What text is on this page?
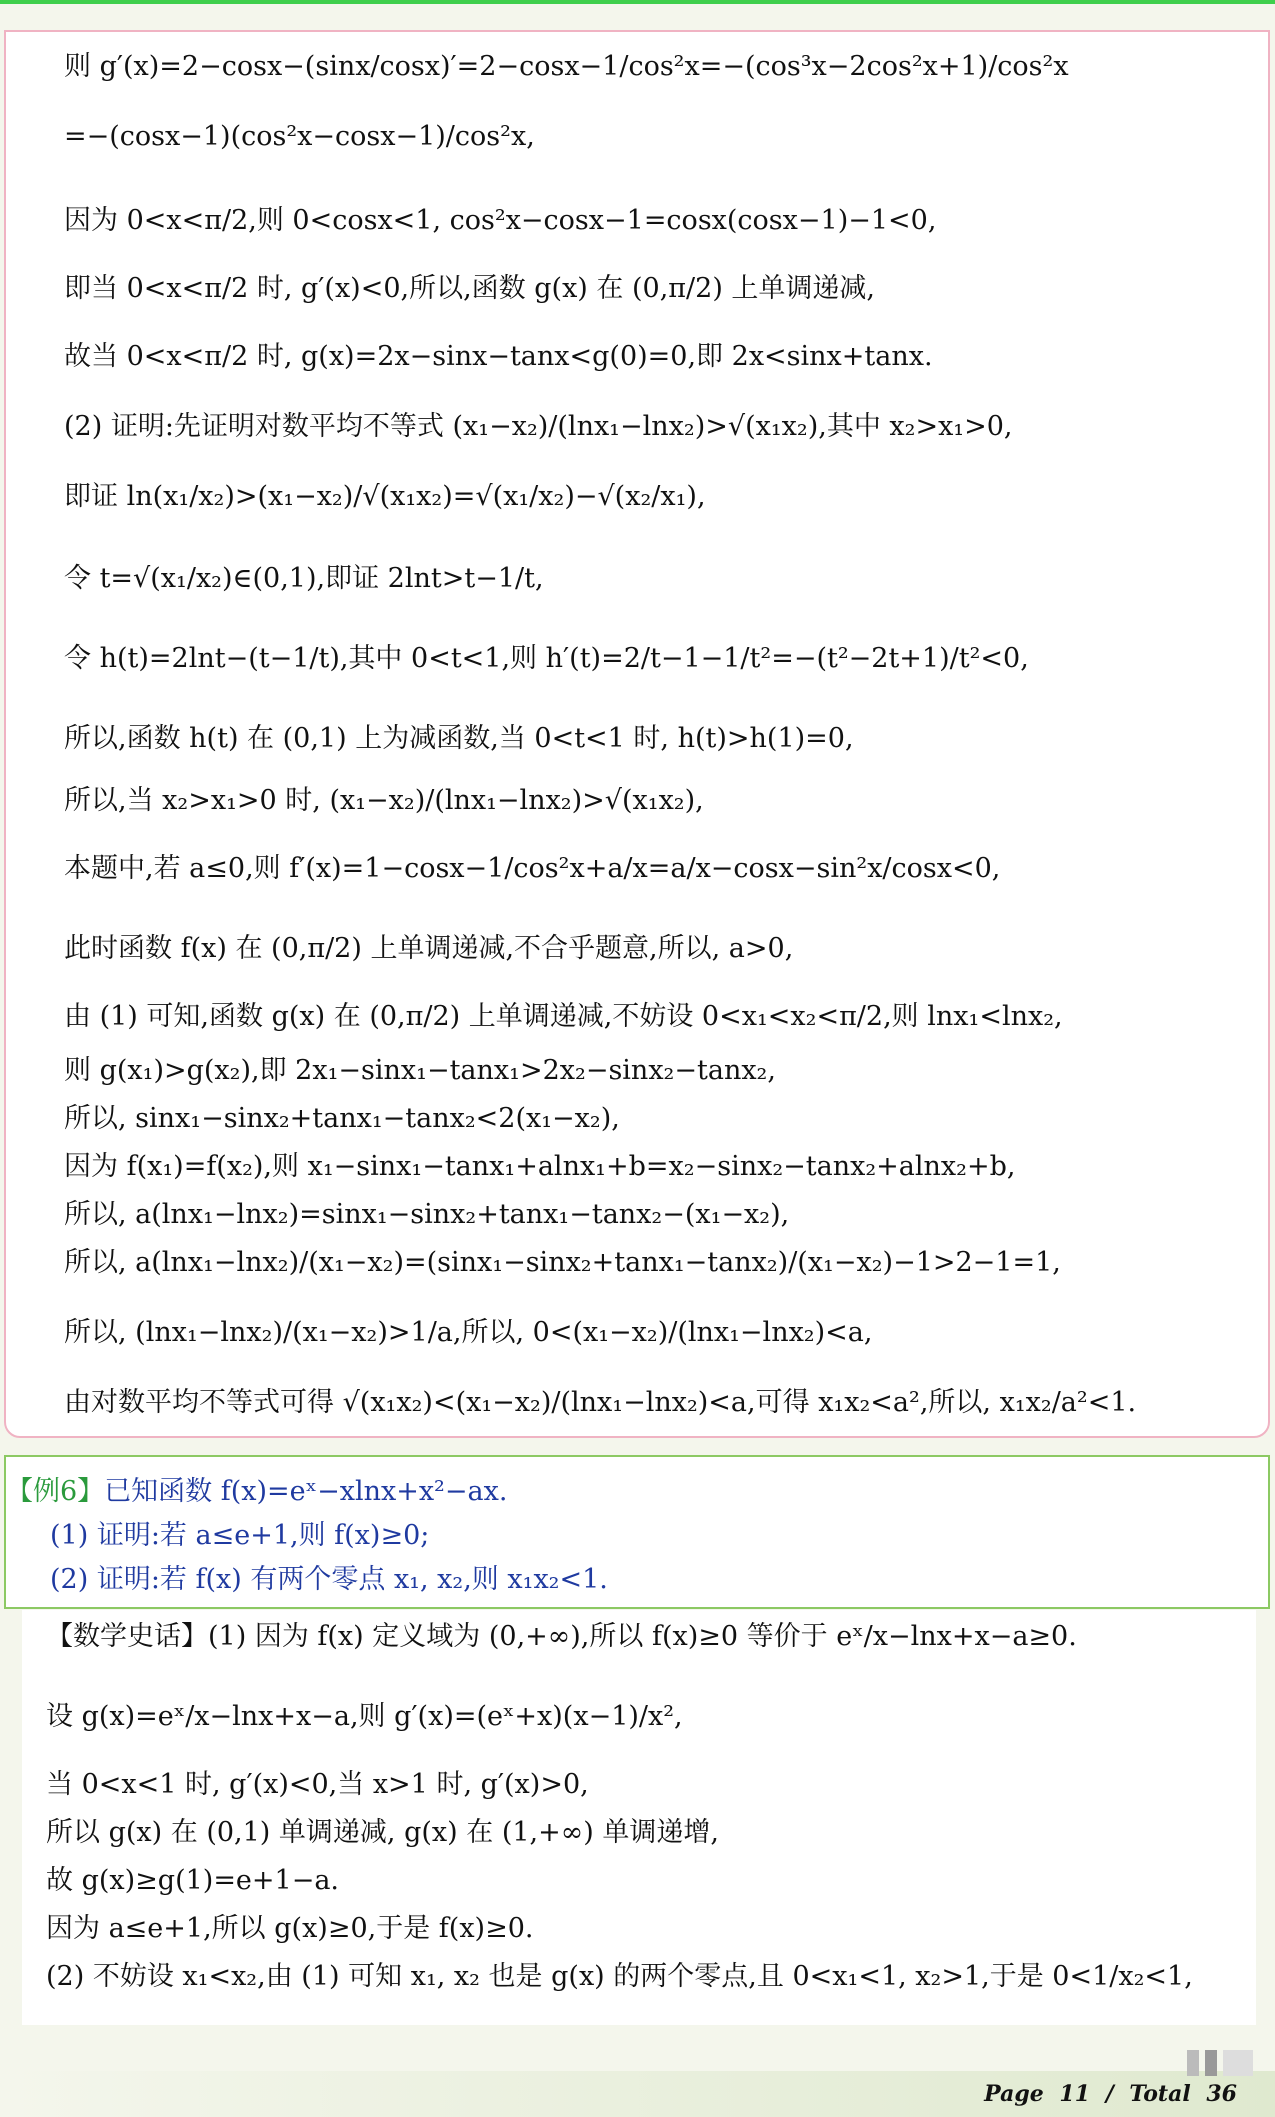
则 g′(x)=2−cosx−(sinx/cosx)′=2−cosx−1/cos²x=−(cos³x−2cos²x+1)/cos²x
=−(cosx−1)(cos²x−cosx−1)/cos²x,
因为 0<x<π/2,则 0<cosx<1, cos²x−cosx−1=cosx(cosx−1)−1<0,
即当 0<x<π/2 时, g′(x)<0,所以,函数 g(x) 在 (0,π/2) 上单调递减,
故当 0<x<π/2 时, g(x)=2x−sinx−tanx<g(0)=0,即 2x<sinx+tanx.
(2) 证明:先证明对数平均不等式 (x₁−x₂)/(lnx₁−lnx₂)>√(x₁x₂),其中 x₂>x₁>0,
即证 ln(x₁/x₂)>(x₁−x₂)/√(x₁x₂)=√(x₁/x₂)−√(x₂/x₁),
令 t=√(x₁/x₂)∈(0,1),即证 2lnt>t−1/t,
令 h(t)=2lnt−(t−1/t),其中 0<t<1,则 h′(t)=2/t−1−1/t²=−(t²−2t+1)/t²<0,
所以,函数 h(t) 在 (0,1) 上为减函数,当 0<t<1 时, h(t)>h(1)=0,
所以,当 x₂>x₁>0 时, (x₁−x₂)/(lnx₁−lnx₂)>√(x₁x₂),
本题中,若 a≤0,则 f′(x)=1−cosx−1/cos²x+a/x=a/x−cosx−sin²x/cosx<0,
此时函数 f(x) 在 (0,π/2) 上单调递减,不合乎题意,所以, a>0,
由 (1) 可知,函数 g(x) 在 (0,π/2) 上单调递减,不妨设 0<x₁<x₂<π/2,则 lnx₁<lnx₂,
则 g(x₁)>g(x₂),即 2x₁−sinx₁−tanx₁>2x₂−sinx₂−tanx₂,
所以, sinx₁−sinx₂+tanx₁−tanx₂<2(x₁−x₂),
因为 f(x₁)=f(x₂),则 x₁−sinx₁−tanx₁+alnx₁+b=x₂−sinx₂−tanx₂+alnx₂+b,
所以, a(lnx₁−lnx₂)=sinx₁−sinx₂+tanx₁−tanx₂−(x₁−x₂),
所以, a(lnx₁−lnx₂)/(x₁−x₂)=(sinx₁−sinx₂+tanx₁−tanx₂)/(x₁−x₂)−1>2−1=1,
所以, (lnx₁−lnx₂)/(x₁−x₂)>1/a,所以, 0<(x₁−x₂)/(lnx₁−lnx₂)<a,
由对数平均不等式可得 √(x₁x₂)<(x₁−x₂)/(lnx₁−lnx₂)<a,可得 x₁x₂<a²,所以, x₁x₂/a²<1.
【例6】已知函数 f(x)=eˣ−xlnx+x²−ax.
(1) 证明:若 a≤e+1,则 f(x)≥0;
(2) 证明:若 f(x) 有两个零点 x₁, x₂,则 x₁x₂<1.
【数学史话】(1) 因为 f(x) 定义域为 (0,+∞),所以 f(x)≥0 等价于 eˣ/x−lnx+x−a≥0.
设 g(x)=eˣ/x−lnx+x−a,则 g′(x)=(eˣ+x)(x−1)/x²,
当 0<x<1 时, g′(x)<0,当 x>1 时, g′(x)>0,
所以 g(x) 在 (0,1) 单调递减, g(x) 在 (1,+∞) 单调递增,
故 g(x)≥g(1)=e+1−a.
因为 a≤e+1,所以 g(x)≥0,于是 f(x)≥0.
(2) 不妨设 x₁<x₂,由 (1) 可知 x₁, x₂ 也是 g(x) 的两个零点,且 0<x₁<1, x₂>1,于是 0<1/x₂<1,
Page 11 / Total 36
